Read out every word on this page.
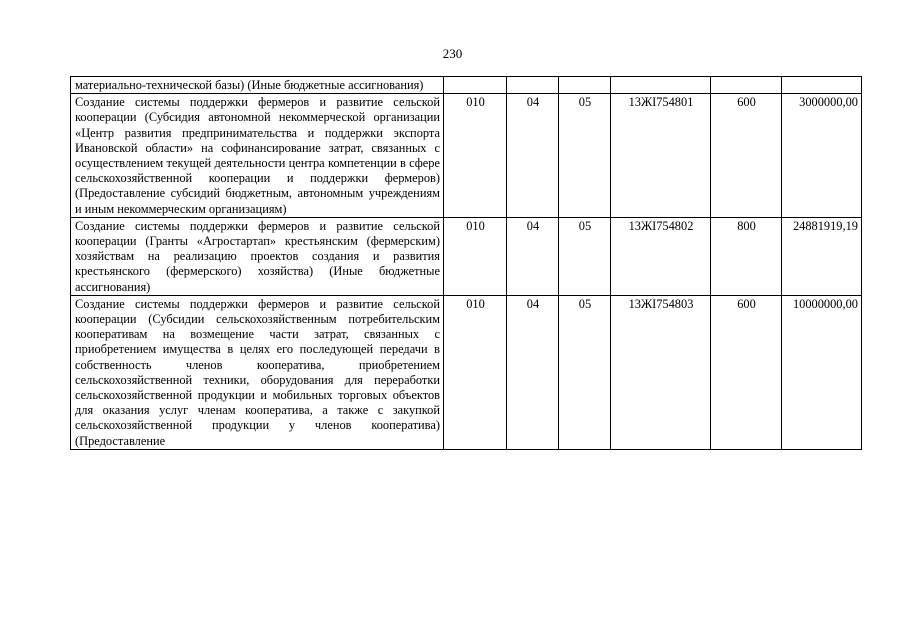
230
материально-технической базы) (Иные бюджетные ассигнования)						
Создание системы поддержки фермеров и развитие сельской кооперации (Субсидия автономной некоммерческой организации «Центр развития предпринимательства и поддержки экспорта Ивановской области» на софинансирование затрат, связанных с осуществлением текущей деятельности центра компетенции в сфере сельскохозяйственной кооперации и поддержки фермеров) (Предоставление субсидий бюджетным, автономным учреждениям и иным некоммерческим организациям)	010	04	05	13ЖI754801	600	3000000,00
Создание системы поддержки фермеров и развитие сельской кооперации (Гранты «Агростартап» крестьянским (фермерским) хозяйствам на реализацию проектов создания и развития крестьянского (фермерского) хозяйства) (Иные бюджетные ассигнования)	010	04	05	13ЖI754802	800	24881919,19
Создание системы поддержки фермеров и развитие сельской кооперации (Субсидии сельскохозяйственным потребительским кооперативам на возмещение части затрат, связанных с приобретением имущества в целях его последующей передачи в собственность членов кооператива, приобретением сельскохозяйственной техники, оборудования для переработки сельскохозяйственной продукции и мобильных торговых объектов для оказания услуг членам кооператива, а также с закупкой сельскохозяйственной продукции у членов кооператива) (Предоставление	010	04	05	13ЖI754803	600	10000000,00
